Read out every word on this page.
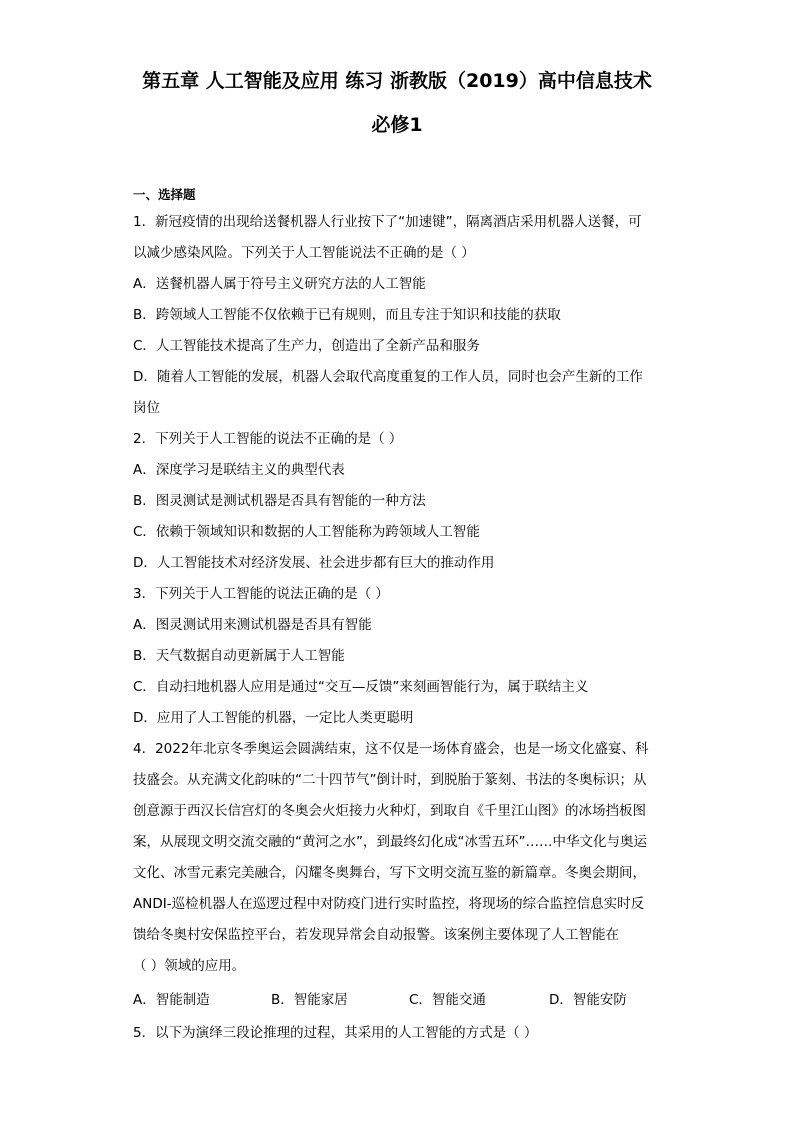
第五章 人工智能及应用 练习 浙教版（2019）高中信息技术
必修1
一、选择题
1．新冠疫情的出现给送餐机器人行业按下了“加速键”，隔离酒店采用机器人送餐，可
以减少感染风险。下列关于人工智能说法不正确的是（ ）
A．送餐机器人属于符号主义研究方法的人工智能
B．跨领域人工智能不仅依赖于已有规则，而且专注于知识和技能的获取
C．人工智能技术提高了生产力，创造出了全新产品和服务
D．随着人工智能的发展，机器人会取代高度重复的工作人员，同时也会产生新的工作
岗位
2．下列关于人工智能的说法不正确的是（ ）
A．深度学习是联结主义的典型代表
B．图灵测试是测试机器是否具有智能的一种方法
C．依赖于领域知识和数据的人工智能称为跨领域人工智能
D．人工智能技术对经济发展、社会进步都有巨大的推动作用
3．下列关于人工智能的说法正确的是（ ）
A．图灵测试用来测试机器是否具有智能
B．天气数据自动更新属于人工智能
C．自动扫地机器人应用是通过“交互—反馈”来刻画智能行为，属于联结主义
D．应用了人工智能的机器，一定比人类更聪明
4．2022年北京冬季奥运会圆满结束，这不仅是一场体育盛会，也是一场文化盛宴、科
技盛会。从充满文化韵味的“二十四节气”倒计时，到脱胎于篆刻、书法的冬奥标识；从
创意源于西汉长信宫灯的冬奥会火炬接力火种灯，到取自《千里江山图》的冰场挡板图
案，从展现文明交流交融的“黄河之水”，到最终幻化成“冰雪五环”……中华文化与奥运
文化、冰雪元素完美融合，闪耀冬奥舞台，写下文明交流互鉴的新篇章。冬奥会期间，
ANDI-巡检机器人在巡逻过程中对防疫门进行实时监控，将现场的综合监控信息实时反
馈给冬奥村安保监控平台，若发现异常会自动报警。该案例主要体现了人工智能在
（ ）领域的应用。
A．智能制造	B．智能家居	C．智能交通	D．智能安防
5．以下为演绎三段论推理的过程，其采用的人工智能的方式是（ ）
